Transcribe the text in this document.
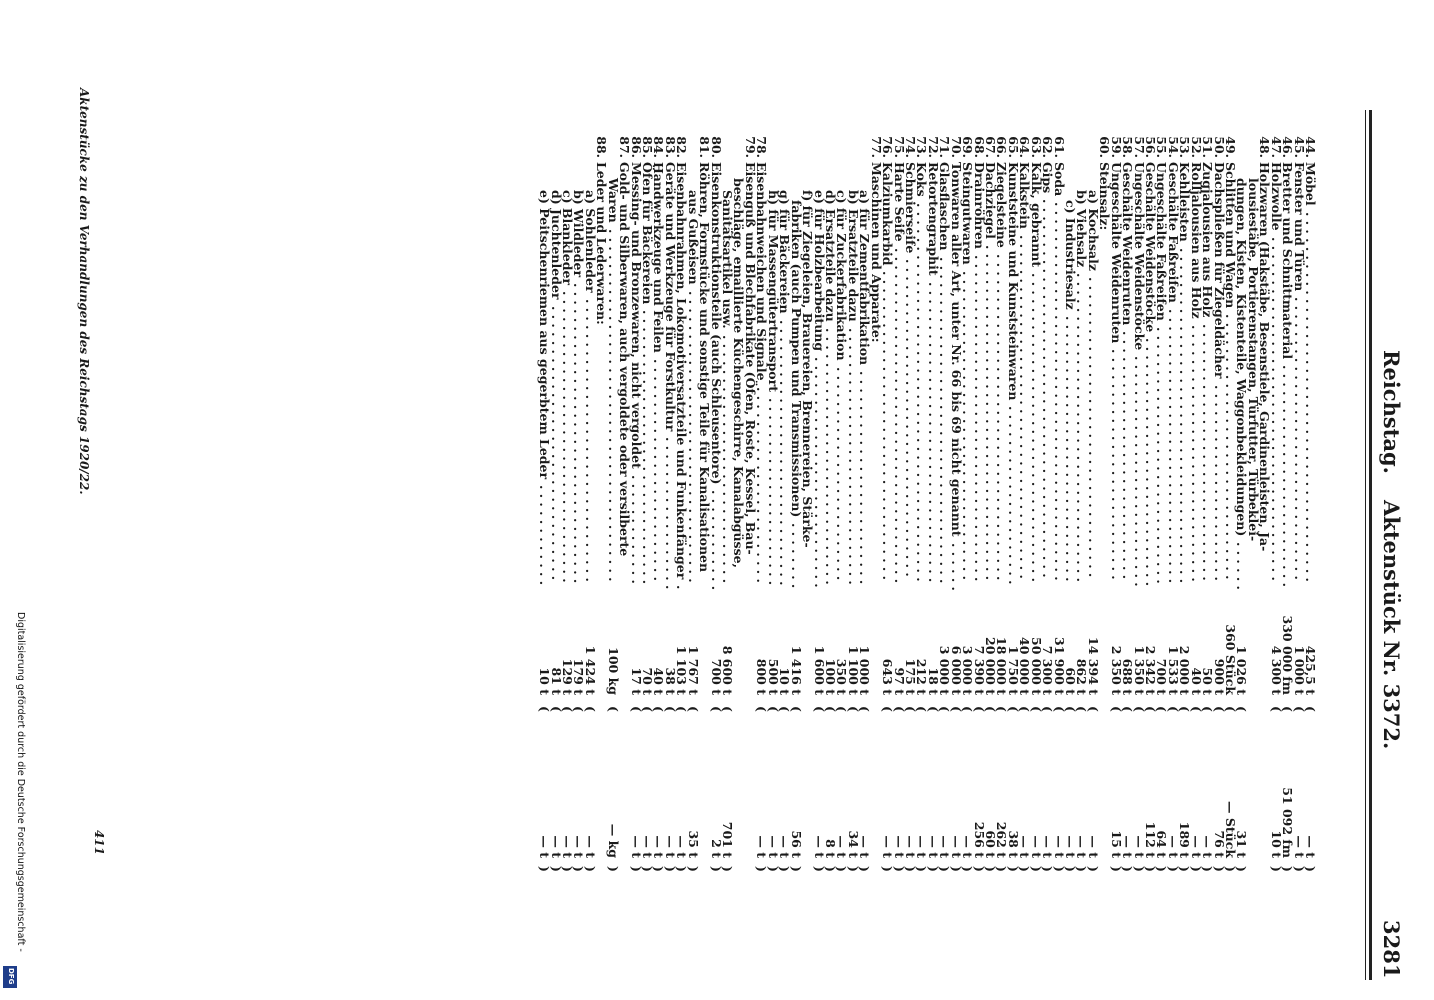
Reichstag.
Aktenstück Nr. 3372.
3281
44.
Möbel
. . . . . . . . . . . . . . . . . . . . . . . . . . . . . . . . . . . . . . . . . . .
425,5 t
(
— t
)
45.
Fenster und Türen
. . . . . . . . . . . . . . . . . . . . . . . . . . . . . . . . .
1 000 t
(
— t
)
46.
Bretter und Schnittmaterial
. . . . . . . . . . . . . . . . . . . . . . . . . .
330 000 fm
(
51 092 fm
)
47.
Holzwolle
. . . . . . . . . . . . . . . . . . . . . . . . . . . . . . . . . . . . . . . .
4 300 t
(
10 t
)
48.
Holzwaren (Hakstäbe, Besenstiele, Gardinenleisten, Ja-
lousiestäbe, Portierenstangen, Türfutter, Türbeklei-
dungen, Kisten, Kistenteile, Waggonbekleidungen)
. . . . . .
1 026 t
(
31 t
)
49.
Schlitten und Wagen
. . . . . . . . . . . . . . . . . . . . . . . . . . . . . . .
360 Stück
(
— Stück
)
50.
Dachspließen für Ziegeldächer
. . . . . . . . . . . . . . . . . . . . . . .
900 t
(
76 t
)
51.
Zugjalousien aus Holz
. . . . . . . . . . . . . . . . . . . . . . . . . . . . . .
50 t
(
— t
)
52.
Rolljalousien aus Holz
. . . . . . . . . . . . . . . . . . . . . . . . . . . . . .
40 t
(
— t
)
53.
Kehlleisten
. . . . . . . . . . . . . . . . . . . . . . . . . . . . . . . . . . . . . . .
2 000 t
(
189 t
)
54.
Geschälte Faßreifen
. . . . . . . . . . . . . . . . . . . . . . . . . . . . . . . .
1 533 t
(
— t
)
55.
Ungeschälte Faßreifen
. . . . . . . . . . . . . . . . . . . . . . . . . . . . . .
700 t
(
64 t
)
56.
Geschälte Weidenstöcke
. . . . . . . . . . . . . . . . . . . . . . . . . . . . .
2 342 t
(
112 t
)
57.
Ungeschälte Weidenstöcke
. . . . . . . . . . . . . . . . . . . . . . . . . . .
1 350 t
(
— t
)
58.
Geschälte Weidenruten
. . . . . . . . . . . . . . . . . . . . . . . . . . . . .
688 t
(
— t
)
59.
Ungeschälte Weidenruten
. . . . . . . . . . . . . . . . . . . . . . . . . . .
2 350 t
(
15 t
)
60.
Steinsalz:
a) Kochsalz
. . . . . . . . . . . . . . . . . . . . . . . . . . . . . . . . . . .
14 394 t
(
— t
)
b) Viehsalz
. . . . . . . . . . . . . . . . . . . . . . . . . . . . . . . . . . . .
862 t
(
— t
)
c) Industriesalz
. . . . . . . . . . . . . . . . . . . . . . . . . . . . . . .
60 t
(
— t
)
61.
Soda
. . . . . . . . . . . . . . . . . . . . . . . . . . . . . . . . . . . . . . . . . . . .
31 900 t
(
— t
)
62.
Gips
. . . . . . . . . . . . . . . . . . . . . . . . . . . . . . . . . . . . . . . . . . . .
7 300 t
(
— t
)
63.
Kalk, gebrannt
. . . . . . . . . . . . . . . . . . . . . . . . . . . . . . . . . . . .
50 000 t
(
— t
)
64.
Kalkstein
. . . . . . . . . . . . . . . . . . . . . . . . . . . . . . . . . . . . . . . .
40 000 t
(
— t
)
65.
Kunststeine und Kunststeinwaren
. . . . . . . . . . . . . . . . . . . . .
1 750 t
(
38 t
)
66.
Ziegelsteine
. . . . . . . . . . . . . . . . . . . . . . . . . . . . . . . . . . . . . .
18 000 t
(
262 t
)
67.
Dachziegel
. . . . . . . . . . . . . . . . . . . . . . . . . . . . . . . . . . . . . . .
20 000 t
(
60 t
)
68.
Drainröhren
. . . . . . . . . . . . . . . . . . . . . . . . . . . . . . . . . . . . . .
7 390 t
(
256 t
)
69.
Steingutwaren
. . . . . . . . . . . . . . . . . . . . . . . . . . . . . . . . . . . .
3 000 t
(
— t
)
70.
Tonwaren aller Art, unter Nr. 66 bis 69 nicht genannt
. . . . . .
6 000 t
(
— t
)
71.
Glasflaschen
. . . . . . . . . . . . . . . . . . . . . . . . . . . . . . . . . . . . . .
3 000 t
(
— t
)
72.
Retortengraphit
. . . . . . . . . . . . . . . . . . . . . . . . . . . . . . . . . . .
18 t
(
— t
)
73.
Koks
. . . . . . . . . . . . . . . . . . . . . . . . . . . . . . . . . . . . . . . . . . . .
212 t
(
— t
)
74.
Schmierseife
. . . . . . . . . . . . . . . . . . . . . . . . . . . . . . . . . . . . .
175 t
(
— t
)
75.
Harte Seife
. . . . . . . . . . . . . . . . . . . . . . . . . . . . . . . . . . . . . . .
97 t
(
— t
)
76.
Kalziumkarbid
. . . . . . . . . . . . . . . . . . . . . . . . . . . . . . . . . . . .
643 t
(
— t
)
77.
Maschinen und Apparate:
a) für Zementfabrikation
. . . . . . . . . . . . . . . . . . . . . . . . .
1 000 t
(
— t
)
b) Ersatzteile dazu
. . . . . . . . . . . . . . . . . . . . . . . . . . . . . .
1 100 t
(
34 t
)
c) für Zuckerfabrikation
. . . . . . . . . . . . . . . . . . . . . . . . .
350 t
(
— t
)
d) Ersatzteile dazu
. . . . . . . . . . . . . . . . . . . . . . . . . . . . . .
100 t
(
8 t
)
e) für Holzbearbeitung
. . . . . . . . . . . . . . . . . . . . . . . . . . .
1 600 t
(
— t
)
f) für Ziegeleien, Brauereien, Brennereien, Stärke-
fabriken (auch Pumpen und Transmissionen)
. . . . . . . .
1 416 t
(
56 t
)
g) für Bäckereien
. . . . . . . . . . . . . . . . . . . . . . . . . . . . . . .
10 t
(
— t
)
h) für Massengütertransport
. . . . . . . . . . . . . . . . . . . . . .
500 t
(
— t
)
78.
Eisenbahnweichen und Signale
. . . . . . . . . . . . . . . . . . . . . . .
800 t
(
— t
)
79.
Eisenguß und Blechfabrikate (Öfen, Roste, Kessel, Bau-
beschläge, emaillierte Küchengeschirre, Kanalabgüsse,
Sanitätsartikel usw.
. . . . . . . . . . . . . . . . . . . . . . . . . . . . .
8 600 t
(
701 t
)
80.
Eisenkonstruktionsteile (auch Schleusentore)
. . . . . . . . . . . .
700 t
(
2 t
)
81.
Röhren, Formstücke und sonstige Teile für Kanalisationen
aus Gußeisen
. . . . . . . . . . . . . . . . . . . . . . . . . . . . . . . . . .
1 767 t
(
35 t
)
82.
Eisenbahnrahmen, Lokomotiversatzteile und Funkenfänger
.
1 103 t
(
— t
)
83.
Geräte und Werkzeuge für Forstkultur
. . . . . . . . . . . . . . . . . .
38 t
(
— t
)
84.
Handwerkzeuge und Feilen
. . . . . . . . . . . . . . . . . . . . . . . . . .
40 t
(
— t
)
85.
Öfen für Bäckereien
. . . . . . . . . . . . . . . . . . . . . . . . . . . . . . . .
70 t
(
— t
)
86.
Messing- und Bronzewaren, nicht vergoldet
. . . . . . . . . . . . .
17 t
(
— t
)
87.
Gold- und Silberwaren, auch vergoldete oder versilberte
Waren
. . . . . . . . . . . . . . . . . . . . . . . . . . . . . . . . . . . . . . . . .
100 kg
(
— kg
)
88.
Leder und Lederwaren:
a) Sohlenleder
. . . . . . . . . . . . . . . . . . . . . . . . . . . . . . . . .
1 424 t
(
— t
)
b) Wildleder
. . . . . . . . . . . . . . . . . . . . . . . . . . . . . . . . . . .
179 t
(
— t
)
c) Blankleder
. . . . . . . . . . . . . . . . . . . . . . . . . . . . . . . . . .
129 t
(
— t
)
d) Juchtenleder
. . . . . . . . . . . . . . . . . . . . . . . . . . . . . . . .
81 t
(
— t
)
e) Peitschenriemen aus gegerbtem Leder
. . . . . . . . . . . .
10 t
(
— t
)
Aktenstücke zu den Verhandlungen des Reichstags 1920/22.
411
Digitalisierung gefördert durch die Deutsche Forschungsgemeinschaft -
DFG
